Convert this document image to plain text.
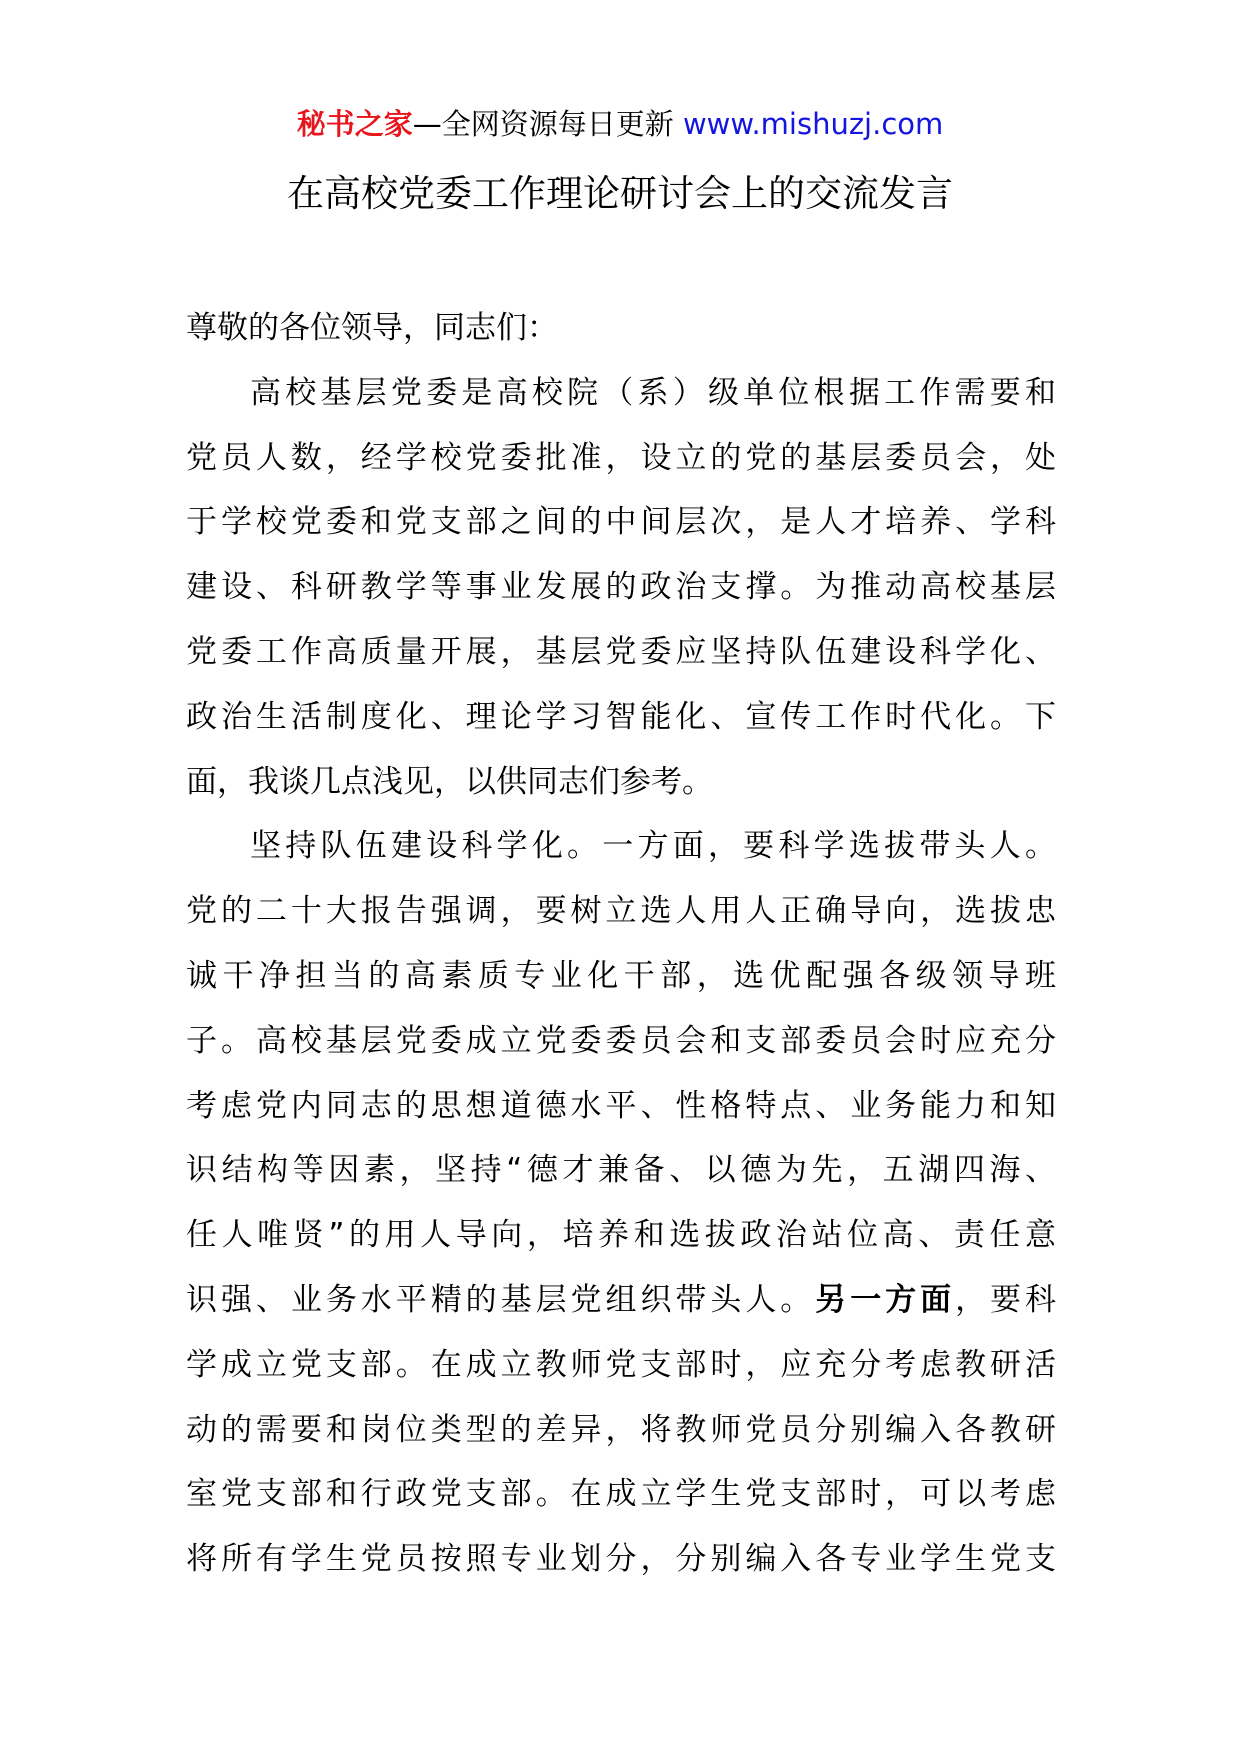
秘书之家—全网资源每日更新 www.mishuzj.com
在高校党委工作理论研讨会上的交流发言
尊敬的各位领导，同志们：
高校基层党委是高校院（系）级单位根据工作需要和
党员人数，经学校党委批准，设立的党的基层委员会，处
于学校党委和党支部之间的中间层次，是人才培养、学科
建设、科研教学等事业发展的政治支撑。为推动高校基层
党委工作高质量开展，基层党委应坚持队伍建设科学化、
政治生活制度化、理论学习智能化、宣传工作时代化。下
面，我谈几点浅见，以供同志们参考。
坚持队伍建设科学化。一方面，要科学选拔带头人。
党的二十大报告强调，要树立选人用人正确导向，选拔忠
诚干净担当的高素质专业化干部，选优配强各级领导班
子。高校基层党委成立党委委员会和支部委员会时应充分
考虑党内同志的思想道德水平、性格特点、业务能力和知
识结构等因素，坚持“德才兼备、以德为先，五湖四海、
任人唯贤”的用人导向，培养和选拔政治站位高、责任意
识强、业务水平精的基层党组织带头人。另一方面，要科
学成立党支部。在成立教师党支部时，应充分考虑教研活
动的需要和岗位类型的差异，将教师党员分别编入各教研
室党支部和行政党支部。在成立学生党支部时，可以考虑
将所有学生党员按照专业划分，分别编入各专业学生党支
